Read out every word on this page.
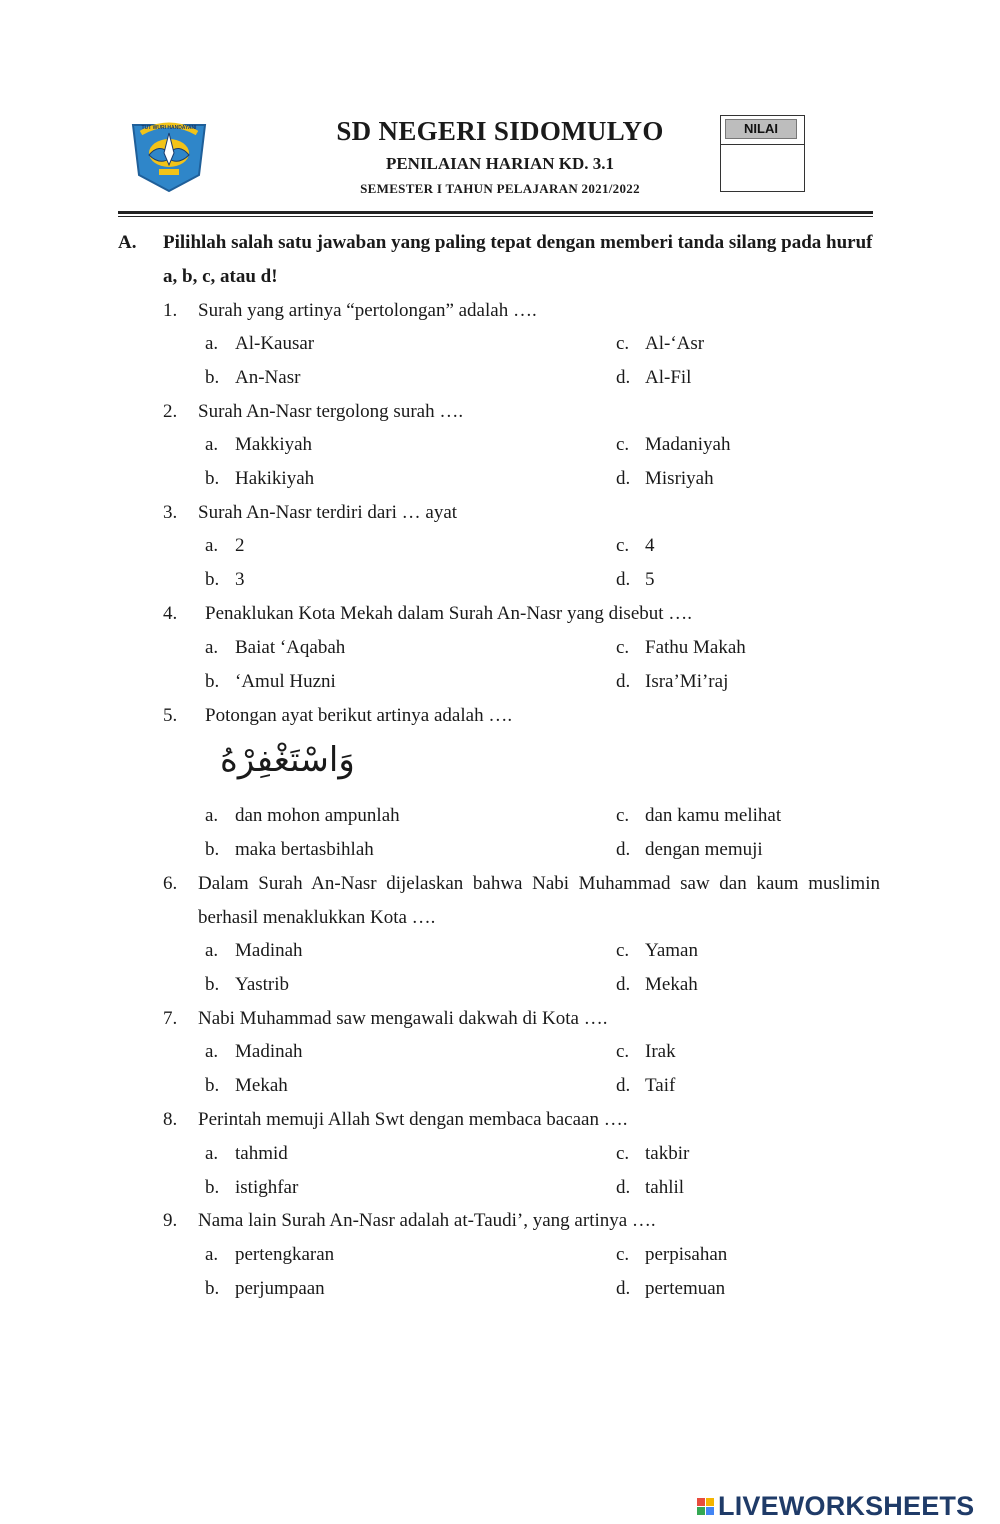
TUT WURI HANDAYANI	SD NEGERI SIDOMULYO
PENILAIAN HARIAN KD. 3.1
SEMESTER I TAHUN PELAJARAN 2021/2022
NILAI
A. Pilihlah salah satu jawaban yang paling tepat dengan memberi tanda silang pada huruf
a, b, c, atau d!
1. Surah yang artinya “pertolongan” adalah ….
a. Al-Kausar	c. Al-‘Asr
b. An-Nasr	d. Al-Fil
2. Surah An-Nasr tergolong surah ….
a. Makkiyah	c. Madaniyah
b. Hakikiyah	d. Misriyah
3. Surah An-Nasr terdiri dari … ayat
a. 2	c. 4
b. 3	d. 5
4. Penaklukan Kota Mekah dalam Surah An-Nasr yang disebut ….
a. Baiat ‘Aqabah	c. Fathu Makah
b. ‘Amul Huzni	d. Isra’Mi’raj
5. Potongan ayat berikut artinya adalah ….
وَاسْتَغْفِرْهُ
a. dan mohon ampunlah	c. dan kamu melihat
b. maka bertasbihlah	d. dengan memuji
6. Dalam Surah An-Nasr dijelaskan bahwa Nabi Muhammad saw dan kaum muslimin
berhasil menaklukkan Kota ….
a. Madinah	c. Yaman
b. Yastrib	d. Mekah
7. Nabi Muhammad saw mengawali dakwah di Kota ….
a. Madinah	c. Irak
b. Mekah	d. Taif
8. Perintah memuji Allah Swt dengan membaca bacaan ….
a. tahmid	c. takbir
b. istighfar	d. tahlil
9. Nama lain Surah An-Nasr adalah at-Taudi’, yang artinya ….
a. pertengkaran	c. perpisahan
b. perjumpaan	d. pertemuan
LIVEWORKSHEETS
